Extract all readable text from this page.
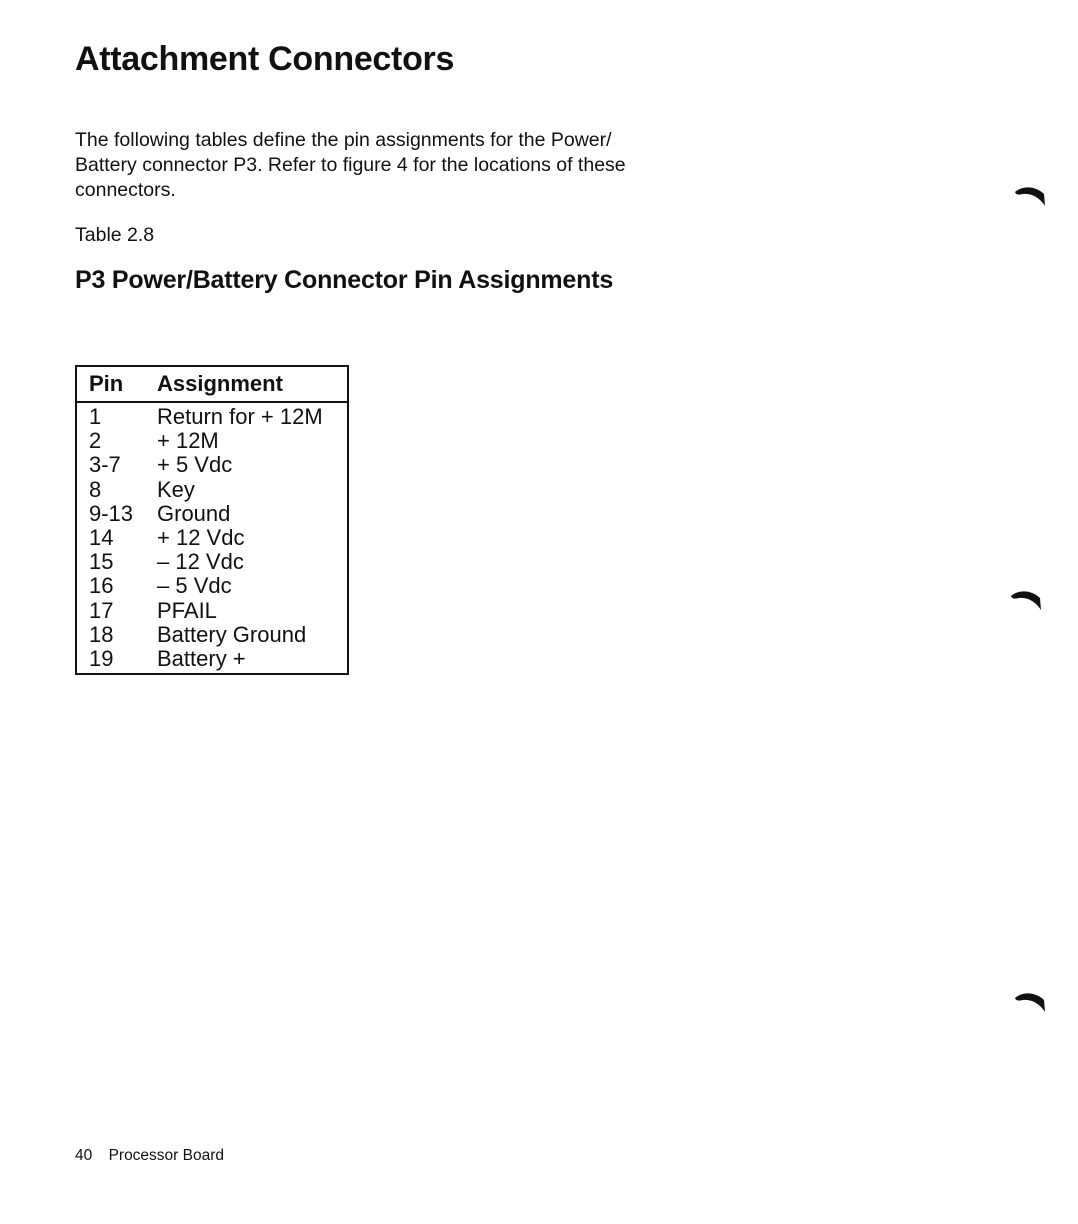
Attachment Connectors

The following tables define the pin assignments for the Power/ Battery connector P3. Refer to figure 4 for the locations of these connectors.

Table 2.8

P3 Power/Battery Connector Pin Assignments
Pin	Assignment
1	Return for + 12M
2	+ 12M
3-7	+ 5 Vdc
8	Key
9-13	Ground
14	+ 12 Vdc
15	– 12 Vdc
16	– 5 Vdc
17	PFAIL
18	Battery Ground
19	Battery +
40 Processor Board
